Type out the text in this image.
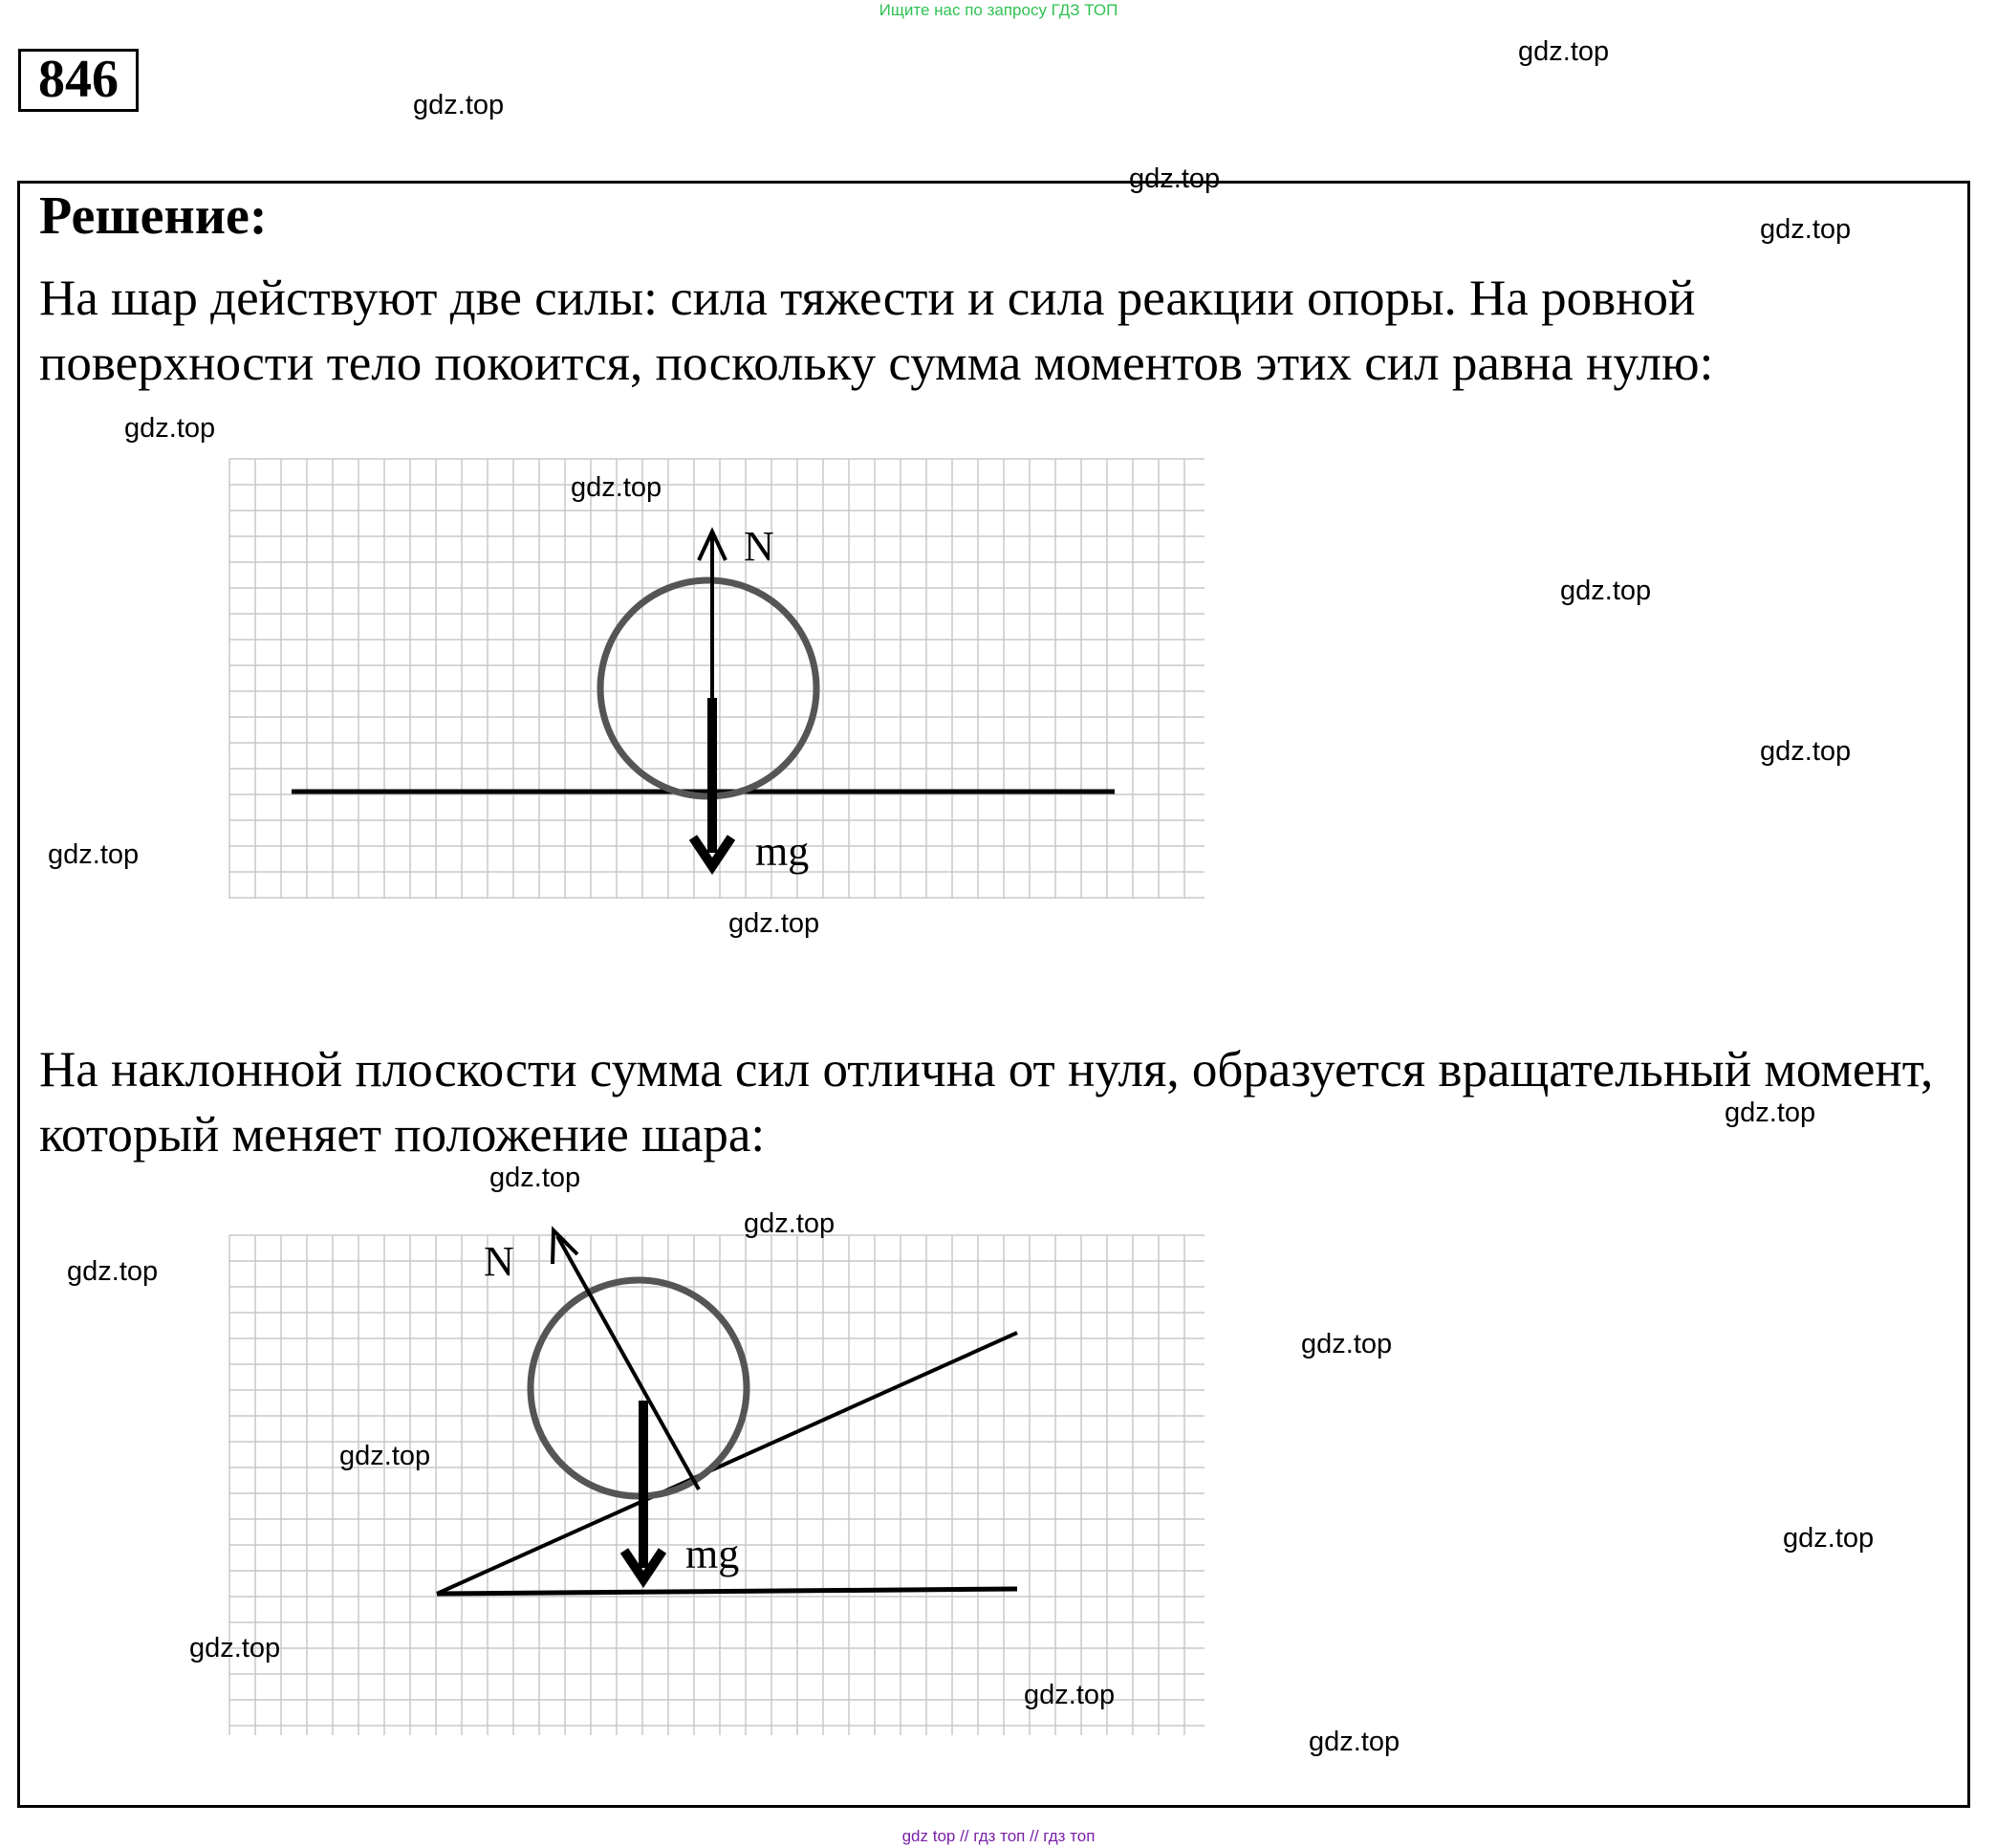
Ищите нас по запросу ГДЗ ТОП
846
Решение:

На шар действуют две силы: сила тяжести и сила реакции опоры. На ровной поверхности тело покоится, поскольку сумма моментов этих сил равна нулю:

N
mg

На наклонной плоскости сумма сил отлична от нуля, образуется вращательный момент, который меняет положение шара:

N
mg
gdz.top
gdz.top
gdz.top
gdz.top
gdz.top
gdz.top
gdz.top
gdz.top
gdz.top
gdz.top
gdz.top
gdz.top
gdz.top
gdz.top
gdz.top
gdz.top
gdz.top
gdz.top
gdz.top
gdz.top
gdz top // гдз топ // гдз топ
